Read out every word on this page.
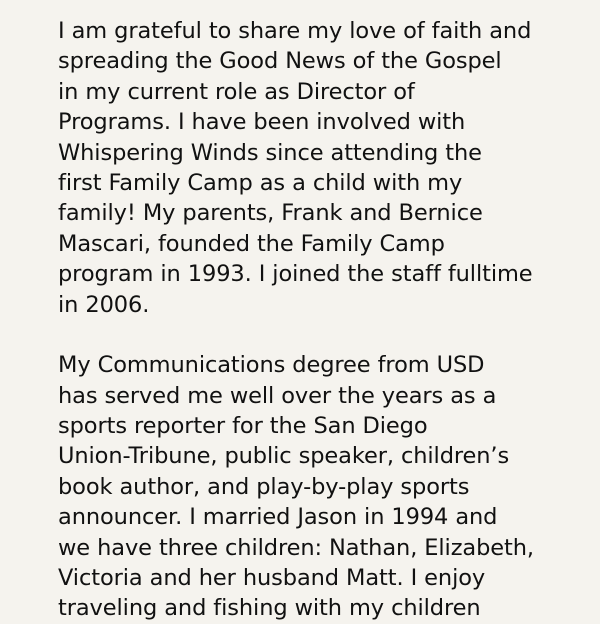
I am grateful to share my love of faith and
spreading the Good News of the Gospel
in my current role as Director of
Programs. I have been involved with
Whispering Winds since attending the
first Family Camp as a child with my
family! My parents, Frank and Bernice
Mascari, founded the Family Camp
program in 1993. I joined the staff fulltime
in 2006.
My Communications degree from USD
has served me well over the years as a
sports reporter for the San Diego
Union-Tribune, public speaker, children’s
book author, and play-by-play sports
announcer. I married Jason in 1994 and
we have three children: Nathan, Elizabeth,
Victoria and her husband Matt. I enjoy
traveling and fishing with my children
